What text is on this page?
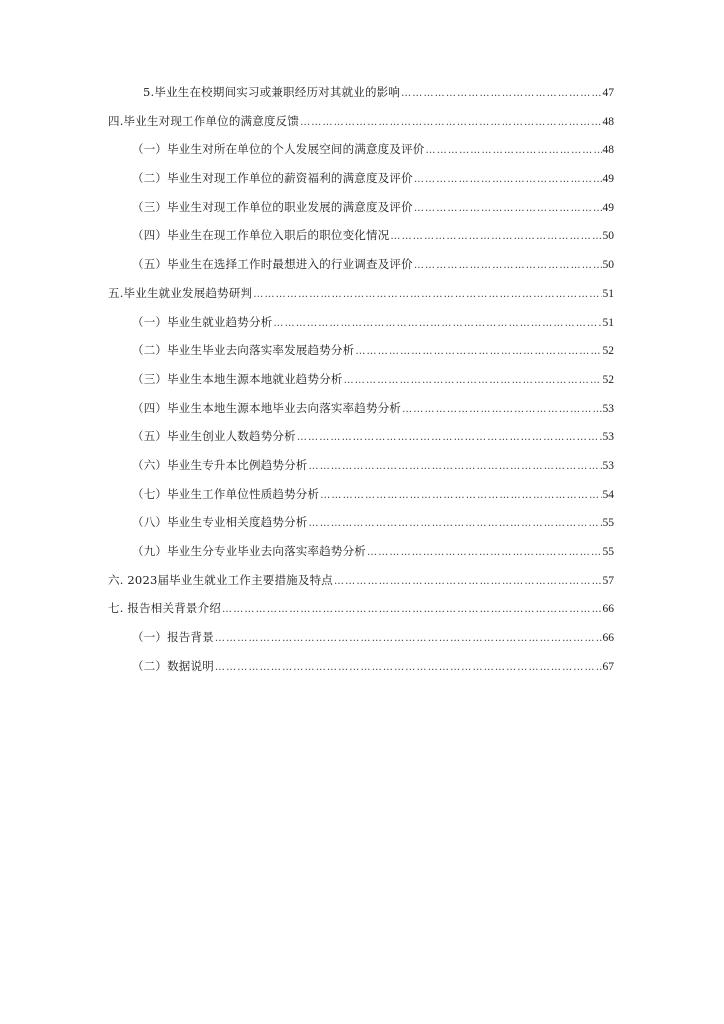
5.毕业生在校期间实习或兼职经历对其就业的影响 ………………………………………………………………………………………………………………………………………………………………………………………………………	47
四.毕业生对现工作单位的满意度反馈 ………………………………………………………………………………………………………………………………………………………………………………………………………	48
（一）毕业生对所在单位的个人发展空间的满意度及评价 ………………………………………………………………………………………………………………………………………………………………………………………………………	48
（二）毕业生对现工作单位的薪资福利的满意度及评价 ………………………………………………………………………………………………………………………………………………………………………………………………………	49
（三）毕业生对现工作单位的职业发展的满意度及评价 ………………………………………………………………………………………………………………………………………………………………………………………………………	49
（四）毕业生在现工作单位入职后的职位变化情况 ………………………………………………………………………………………………………………………………………………………………………………………………………	50
（五）毕业生在选择工作时最想进入的行业调查及评价 ………………………………………………………………………………………………………………………………………………………………………………………………………	50
五.毕业生就业发展趋势研判 ………………………………………………………………………………………………………………………………………………………………………………………………………	51
（一）毕业生就业趋势分析 ………………………………………………………………………………………………………………………………………………………………………………………………………	51
（二）毕业生毕业去向落实率发展趋势分析 ………………………………………………………………………………………………………………………………………………………………………………………………………	52
（三）毕业生本地生源本地就业趋势分析 ………………………………………………………………………………………………………………………………………………………………………………………………………	52
（四）毕业生本地生源本地毕业去向落实率趋势分析 ………………………………………………………………………………………………………………………………………………………………………………………………………	53
（五）毕业生创业人数趋势分析 ………………………………………………………………………………………………………………………………………………………………………………………………………	53
（六）毕业生专升本比例趋势分析 ………………………………………………………………………………………………………………………………………………………………………………………………………	53
（七）毕业生工作单位性质趋势分析 ………………………………………………………………………………………………………………………………………………………………………………………………………	54
（八）毕业生专业相关度趋势分析 ………………………………………………………………………………………………………………………………………………………………………………………………………	55
（九）毕业生分专业毕业去向落实率趋势分析 ………………………………………………………………………………………………………………………………………………………………………………………………………	55
六. 2023届毕业生就业工作主要措施及特点 ………………………………………………………………………………………………………………………………………………………………………………………………………	57
七. 报告相关背景介绍 ………………………………………………………………………………………………………………………………………………………………………………………………………	66
（一）报告背景 ………………………………………………………………………………………………………………………………………………………………………………………………………	66
（二）数据说明 ………………………………………………………………………………………………………………………………………………………………………………………………………	67
